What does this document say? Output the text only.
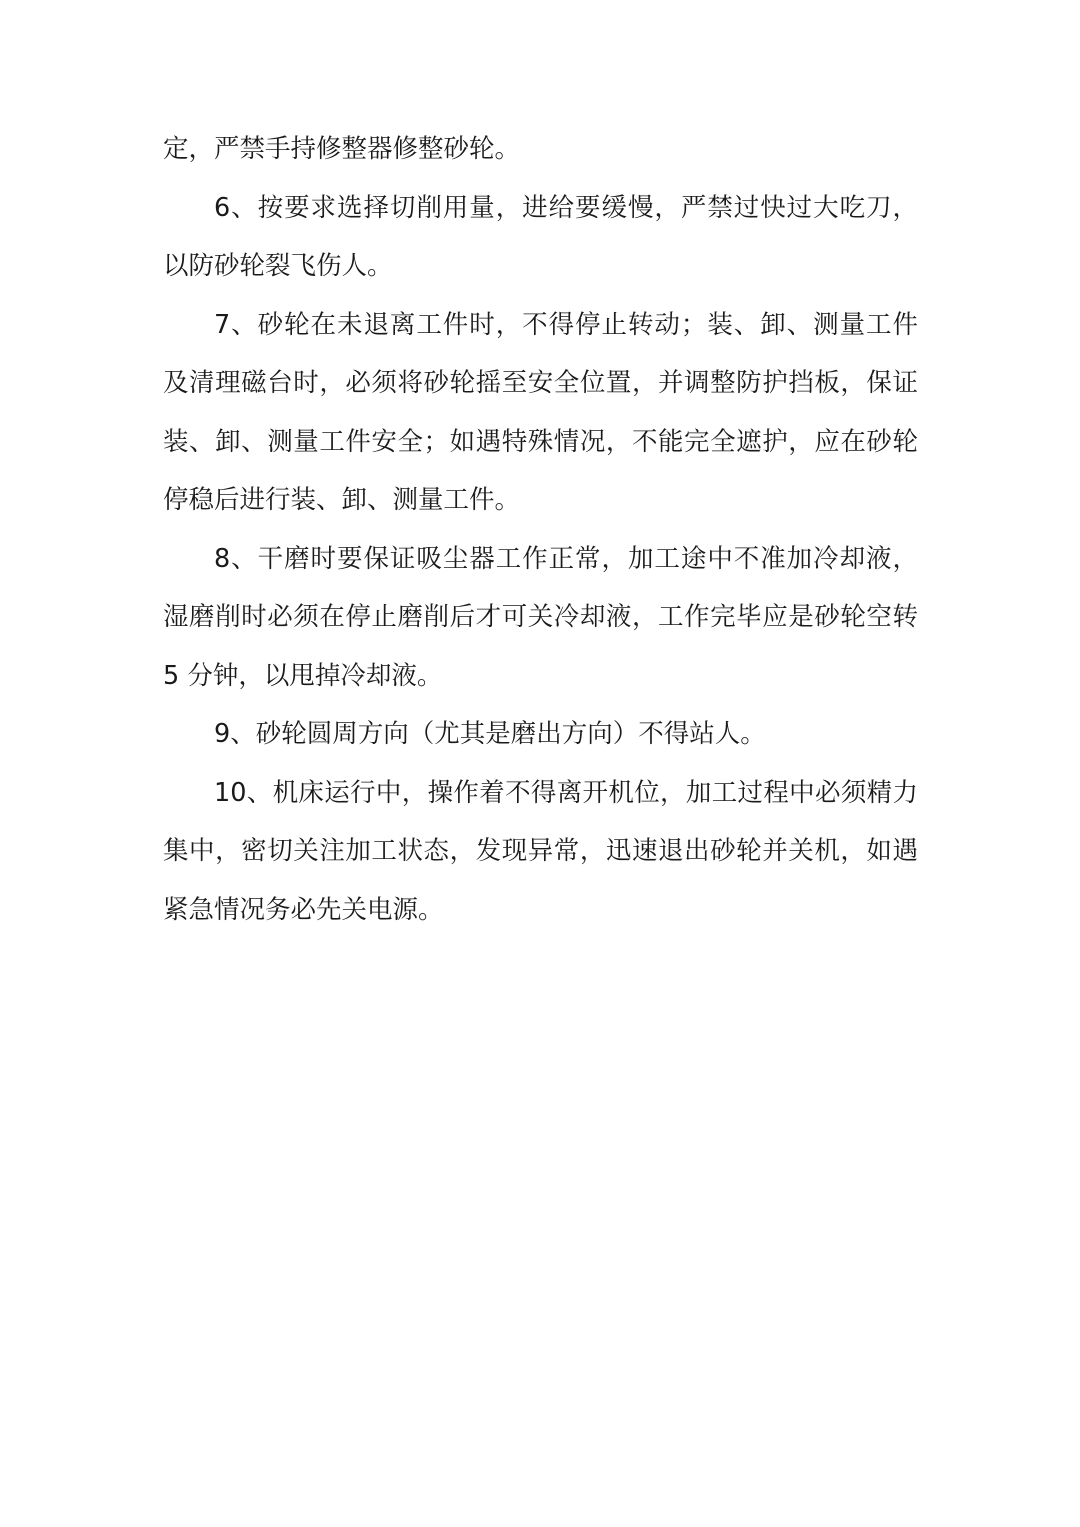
定，严禁手持修整器修整砂轮。

6、按要求选择切削用量，进给要缓慢，严禁过快过大吃刀，以防砂轮裂飞伤人。

7、砂轮在未退离工件时，不得停止转动；装、卸、测量工件及清理磁台时，必须将砂轮摇至安全位置，并调整防护挡板，保证装、卸、测量工件安全；如遇特殊情况，不能完全遮护，应在砂轮停稳后进行装、卸、测量工件。

8、干磨时要保证吸尘器工作正常，加工途中不准加冷却液，湿磨削时必须在停止磨削后才可关冷却液，工作完毕应是砂轮空转 5 分钟，以甩掉冷却液。

9、砂轮圆周方向（尤其是磨出方向）不得站人。

10、机床运行中，操作着不得离开机位，加工过程中必须精力集中，密切关注加工状态，发现异常，迅速退出砂轮并关机，如遇紧急情况务必先关电源。
